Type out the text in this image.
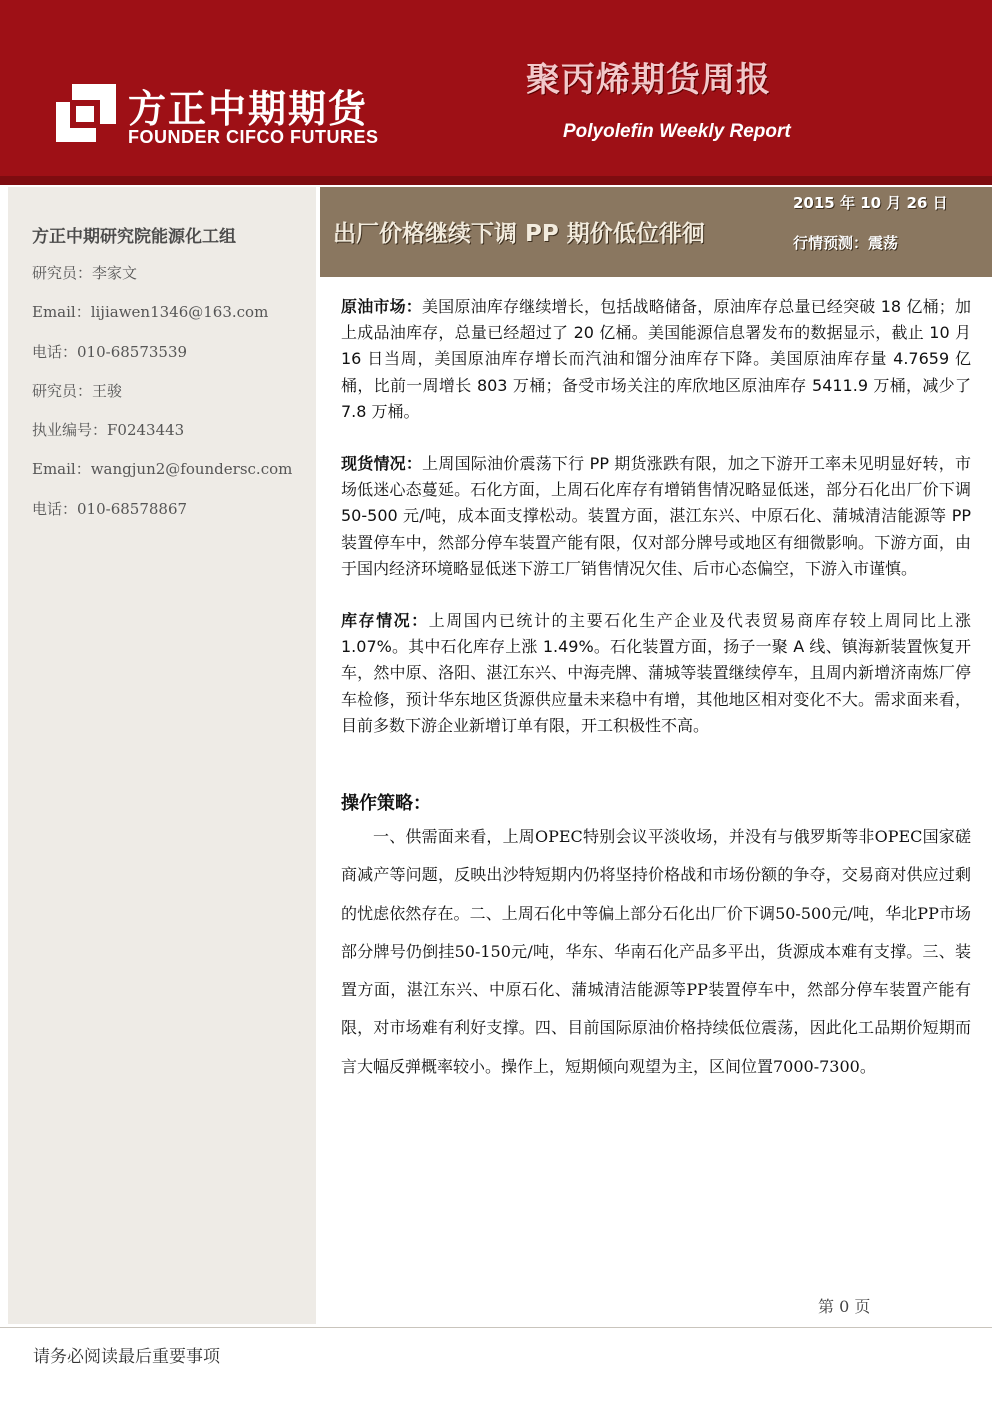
方正中期期货
FOUNDER CIFCO FUTURES
聚丙烯期货周报
Polyolefin Weekly Report
方正中期研究院能源化工组
研究员：李家文
Email：lijiawen1346@163.com
电话：010-68573539
研究员：王骏
执业编号：F0243443
Email：wangjun2@foundersc.com
电话：010-68578867
出厂价格继续下调 PP 期价低位徘徊
2015 年 10 月 26 日
行情预测：震荡

原油市场：美国原油库存继续增长，包括战略储备，原油库存总量已经突破 18 亿桶；加上成品油库存，总量已经超过了 20 亿桶。美国能源信息署发布的数据显示，截止 10 月 16 日当周，美国原油库存增长而汽油和馏分油库存下降。美国原油库存量 4.7659 亿桶，比前一周增长 803 万桶；备受市场关注的库欣地区原油库存 5411.9 万桶，减少了 7.8 万桶。

现货情况：上周国际油价震荡下行 PP 期货涨跌有限，加之下游开工率未见明显好转，市场低迷心态蔓延。石化方面，上周石化库存有增销售情况略显低迷，部分石化出厂价下调 50-500 元/吨，成本面支撑松动。装置方面，湛江东兴、中原石化、蒲城清洁能源等 PP 装置停车中，然部分停车装置产能有限，仅对部分牌号或地区有细微影响。下游方面，由于国内经济环境略显低迷下游工厂销售情况欠佳、后市心态偏空，下游入市谨慎。

库存情况：上周国内已统计的主要石化生产企业及代表贸易商库存较上周同比上涨 1.07%。其中石化库存上涨 1.49%。石化装置方面，扬子一聚 A 线、镇海新装置恢复开车，然中原、洛阳、湛江东兴、中海壳牌、蒲城等装置继续停车，且周内新增济南炼厂停车检修，预计华东地区货源供应量未来稳中有增，其他地区相对变化不大。需求面来看，目前多数下游企业新增订单有限，开工积极性不高。

操作策略：

一、供需面来看，上周OPEC特别会议平淡收场，并没有与俄罗斯等非OPEC国家磋商减产等问题，反映出沙特短期内仍将坚持价格战和市场份额的争夺，交易商对供应过剩的忧虑依然存在。二、上周石化中等偏上部分石化出厂价下调50-500元/吨，华北PP市场部分牌号仍倒挂50-150元/吨，华东、华南石化产品多平出，货源成本难有支撑。三、装置方面，湛江东兴、中原石化、蒲城清洁能源等PP装置停车中，然部分停车装置产能有限，对市场难有利好支撑。四、目前国际原油价格持续低位震荡，因此化工品期价短期而言大幅反弹概率较小。操作上，短期倾向观望为主，区间位置7000-7300。

第 0 页
请务必阅读最后重要事项
